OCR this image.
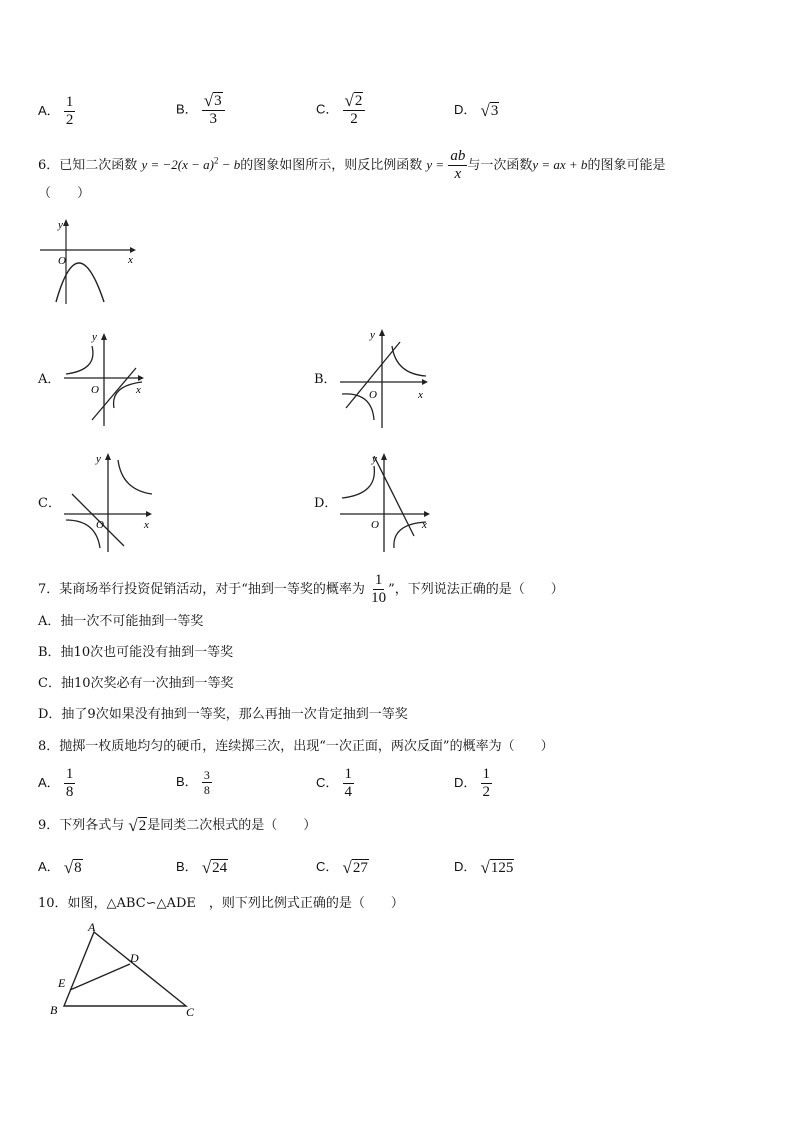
A． $\frac{1}{2}$	B． $\frac{√ 3}{3}$	C． $\frac{√ 2}{2}$	D． √ 3
6．已知二次函数 $y = -2(x - a)^2 - b$的图象如图所示，则反比例函数 $y = \frac{ab}{x}$ 与一次函数y = ax + b的图象可能是
（　　）
y
x
O
A．
y
x
O
B．
y
x
O
C．
y
x
O
D．
y
x
O
7．某商场举行投资促销活动，对于“抽到一等奖的概率为 $\frac{1}{10}$ ”，下列说法正确的是（　　）
A．抽一次不可能抽到一等奖
B．抽10次也可能没有抽到一等奖
C．抽10次奖必有一次抽到一等奖
D．抽了9次如果没有抽到一等奖，那么再抽一次肯定抽到一等奖
8．抛掷一枚质地均匀的硬币，连续掷三次，出现“一次正面，两次反面”的概率为（　　）
A． $\frac{1}{8}$	B． $\frac{3}{8}$	C． $\frac{1}{4}$	D． $\frac{1}{2}$
9．下列各式与 √ 2 是同类二次根式的是（　　）
A． √ 8	B． √ 24	C． √ 27	D． √ 125
10．如图，△ABC∽△ADE　，则下列比例式正确的是（　　）
A
D
E
B	C
